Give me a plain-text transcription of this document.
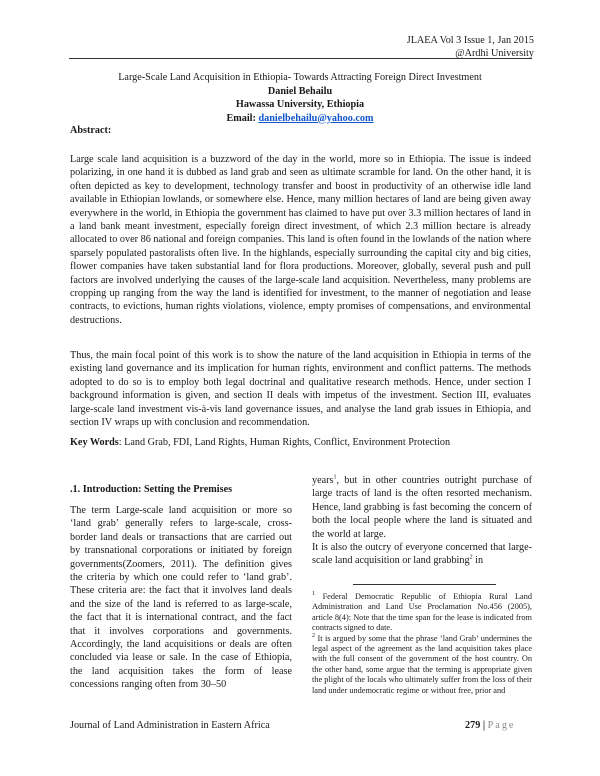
JLAEA Vol 3 Issue 1, Jan 2015
@Ardhi University
Large-Scale Land Acquisition in Ethiopia- Towards Attracting Foreign Direct Investment
Daniel Behailu
Hawassa University, Ethiopia
Email: danielbehailu@yahoo.com
Abstract:

Large scale land acquisition is a buzzword of the day in the world, more so in Ethiopia. The issue is indeed polarizing, in one hand it is dubbed as land grab and seen as ultimate scramble for land. On the other hand, it is often depicted as key to development, technology transfer and boost in productivity of an otherwise idle land available in Ethiopian lowlands, or somewhere else. Hence, many million hectares of land are being given away everywhere in the world, in Ethiopia the government has claimed to have put over 3.3 million hectares of land in a land bank meant investment, especially foreign direct investment, of which 2.3 million hectare is already allocated to over 86 national and foreign companies. This land is often found in the lowlands of the nation where sparsely populated pastoralists often live. In the highlands, especially surrounding the capital city and big cities, flower companies have taken substantial land for flora productions. Moreover, globally, several push and pull factors are involved underlying the causes of the large-scale land acquisition. Nevertheless, many problems are cropping up ranging from the way the land is identified for investment, to the manner of negotiation and lease contracts, to evictions, human rights violations, violence, empty promises of compensations, and environmental destructions.

Thus, the main focal point of this work is to show the nature of the land acquisition in Ethiopia in terms of the existing land governance and its implication for human rights, environment and conflict patterns. The methods adopted to do so is to employ both legal doctrinal and qualitative research methods. Hence, under section I background information is given, and section II deals with impetus of the investment. Section III, evaluates large-scale land investment vis-à-vis land governance issues, and analyse the land grab issues in Ethiopia, and section IV wraps up with conclusion and recommendation.

Key Words: Land Grab, FDI, Land Rights, Human Rights, Conflict, Environment Protection
.1. Introduction: Setting the Premises
The term Large-scale land acquisition or more so ‘land grab’ generally refers to large-scale, cross-border land deals or transactions that are carried out by transnational corporations or initiated by foreign governments(Zoomers, 2011). The definition gives the criteria by which one could refer to ‘land grab’. These criteria are: the fact that it involves land deals and the size of the land is referred to as large-scale, the fact that it is international contract, and the fact that it involves corporations and governments. Accordingly, the land acquisitions or deals are often concluded via lease or sale. In the case of Ethiopia, the land acquisition takes the form of lease concessions ranging often from 30–50

years$^1$, but in other countries outright purchase of large tracts of land is the often resorted mechanism. Hence, land grabbing is fast becoming the concern of both the local people where the land is situated and the world at large.

It is also the outcry of everyone concerned that large-scale land acquisition or land grabbing$^2$ in

$^1$ Federal Democratic Republic of Ethiopia Rural Land Administration and Land Use Proclamation No.456 (2005), article 8(4): Note that the time span for the lease is indicated from contracts signed to date.

$^2$ It is argued by some that the phrase ‘land Grab’ undermines the legal aspect of the agreement as the land acquisition takes place with the full consent of the government of the host country. On the other hand, some argue that the terming is appropriate given the plight of the locals who ultimately suffer from the loss of their land under undemocratic regime or without free, prior and

Journal of Land Administration in Eastern Africa	279 | Page
